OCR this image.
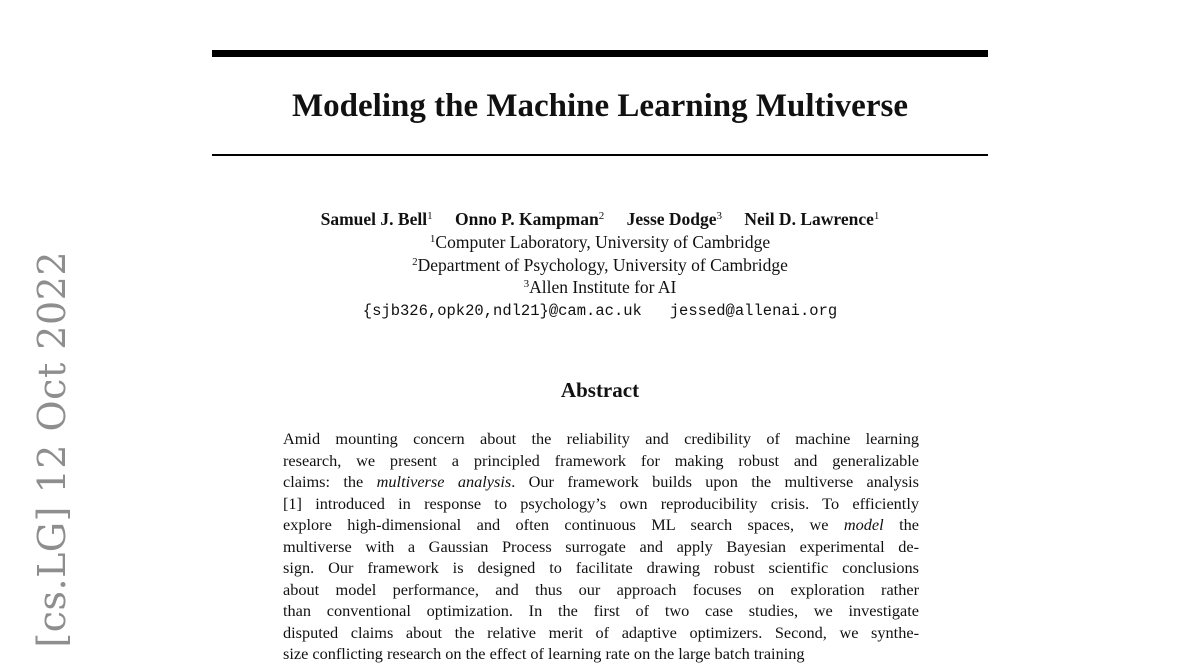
[cs.LG] 12 Oct 2022
Modeling the Machine Learning Multiverse
Samuel J. Bell$^1$ Onno P. Kampman$^2$ Jesse Dodge$^3$ Neil D. Lawrence$^1$
$^1$Computer Laboratory, University of Cambridge
$^2$Department of Psychology, University of Cambridge
$^3$Allen Institute for AI
{sjb326,opk20,ndl21}@cam.ac.uk   jessed@allenai.org
Abstract
Amid mounting concern about the reliability and credibility of machine learning
research, we present a principled framework for making robust and generalizable
claims: the multiverse analysis. Our framework builds upon the multiverse analysis
[1] introduced in response to psychology’s own reproducibility crisis. To efficiently
explore high-dimensional and often continuous ML search spaces, we model the
multiverse with a Gaussian Process surrogate and apply Bayesian experimental de-
sign. Our framework is designed to facilitate drawing robust scientific conclusions
about model performance, and thus our approach focuses on exploration rather
than conventional optimization. In the first of two case studies, we investigate
disputed claims about the relative merit of adaptive optimizers. Second, we synthe-
size conflicting research on the effect of learning rate on the large batch training
